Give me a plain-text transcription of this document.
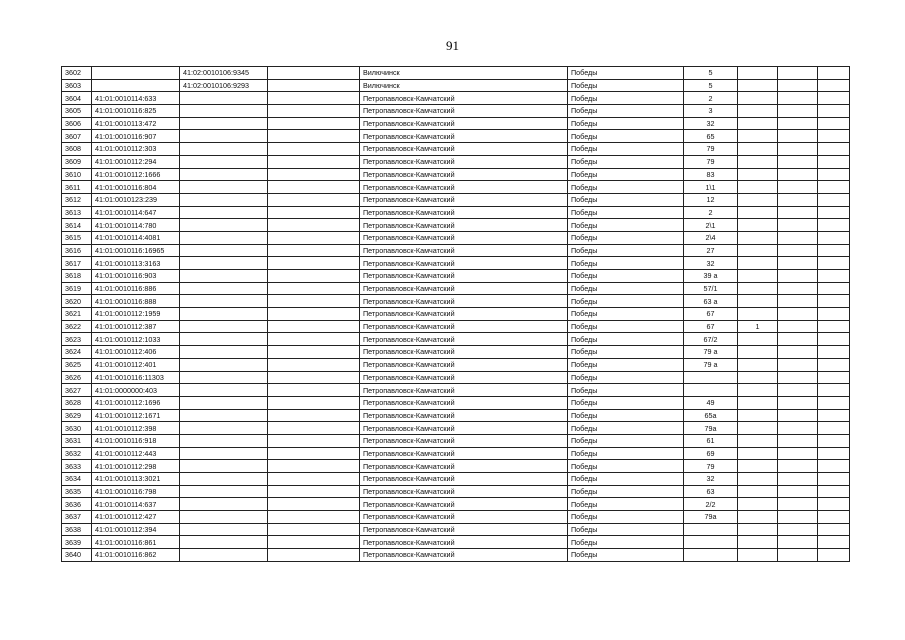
91
3602		41:02:0010106:9345		Вилючинск	Победы	5			
3603		41:02:0010106:9293		Вилючинск	Победы	5			
3604	41:01:0010114:633			Петропавловск-Камчатский	Победы	2			
3605	41:01:0010116:825			Петропавловск-Камчатский	Победы	3			
3606	41:01:0010113:472			Петропавловск-Камчатский	Победы	32			
3607	41:01:0010116:907			Петропавловск-Камчатский	Победы	65			
3608	41:01:0010112:303			Петропавловск-Камчатский	Победы	79			
3609	41:01:0010112:294			Петропавловск-Камчатский	Победы	79			
3610	41:01:0010112:1666			Петропавловск-Камчатский	Победы	83			
3611	41:01:0010116:804			Петропавловск-Камчатский	Победы	1\1			
3612	41:01:0010123:239			Петропавловск-Камчатский	Победы	12			
3613	41:01:0010114:647			Петропавловск-Камчатский	Победы	2			
3614	41:01:0010114:780			Петропавловск-Камчатский	Победы	2\1			
3615	41:01:0010114:4081			Петропавловск-Камчатский	Победы	2\4			
3616	41:01:0010116:16965			Петропавловск-Камчатский	Победы	27			
3617	41:01:0010113:3163			Петропавловск-Камчатский	Победы	32			
3618	41:01:0010116:903			Петропавловск-Камчатский	Победы	39 а			
3619	41:01:0010116:886			Петропавловск-Камчатский	Победы	57/1			
3620	41:01:0010116:888			Петропавловск-Камчатский	Победы	63 а			
3621	41:01:0010112:1959			Петропавловск-Камчатский	Победы	67			
3622	41:01:0010112:387			Петропавловск-Камчатский	Победы	67	1		
3623	41:01:0010112:1033			Петропавловск-Камчатский	Победы	67/2			
3624	41:01:0010112:406			Петропавловск-Камчатский	Победы	79 а			
3625	41:01:0010112:401			Петропавловск-Камчатский	Победы	79 а			
3626	41:01:0010116:11303			Петропавловск-Камчатский	Победы				
3627	41:01:0000000:403			Петропавловск-Камчатский	Победы				
3628	41:01:0010112:1696			Петропавловск-Камчатский	Победы	49			
3629	41:01:0010112:1671			Петропавловск-Камчатский	Победы	65а			
3630	41:01:0010112:398			Петропавловск-Камчатский	Победы	79а			
3631	41:01:0010116:918			Петропавловск-Камчатский	Победы	61			
3632	41:01:0010112:443			Петропавловск-Камчатский	Победы	69			
3633	41:01:0010112:298			Петропавловск-Камчатский	Победы	79			
3634	41:01:0010113:3021			Петропавловск-Камчатский	Победы	32			
3635	41:01:0010116:798			Петропавловск-Камчатский	Победы	63			
3636	41:01:0010114:637			Петропавловск-Камчатский	Победы	2/2			
3637	41:01:0010112:427			Петропавловск-Камчатский	Победы	79а			
3638	41:01:0010112:394			Петропавловск-Камчатский	Победы				
3639	41:01:0010116:861			Петропавловск-Камчатский	Победы				
3640	41:01:0010116:862			Петропавловск-Камчатский	Победы				
